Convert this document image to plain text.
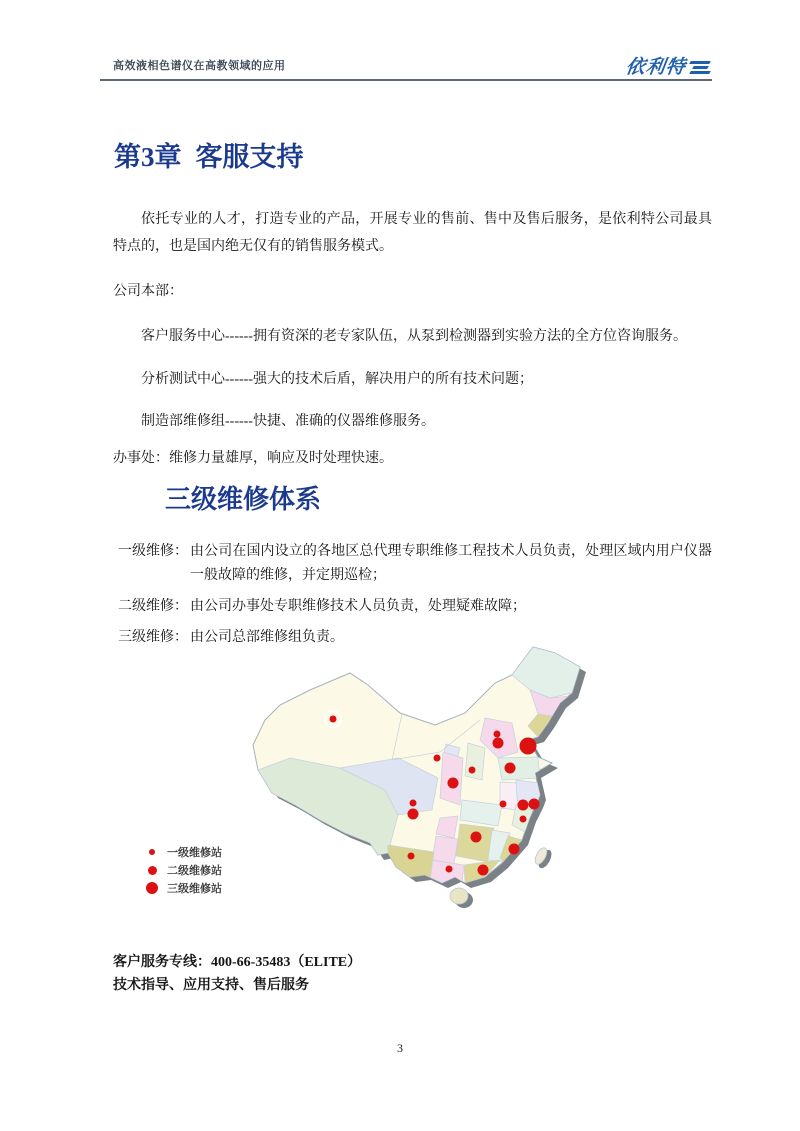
高效液相色谱仪在高教领域的应用	依利特
第3章 客服支持

依托专业的人才，打造专业的产品，开展专业的售前、售中及售后服务，是依利特公司最具特点的，也是国内绝无仅有的销售服务模式。

公司本部：

客户服务中心------拥有资深的老专家队伍，从泵到检测器到实验方法的全方位咨询服务。

分析测试中心------强大的技术后盾，解决用户的所有技术问题；

制造部维修组------快捷、准确的仪器维修服务。

办事处：维修力量雄厚，响应及时处理快速。

三级维修体系
一级维修： 由公司在国内设立的各地区总代理专职维修工程技术人员负责，处理区域内用户仪器一般故障的维修，并定期巡检；
二级维修： 由公司办事处专职维修技术人员负责，处理疑难故障；
三级维修： 由公司总部维修组负责。
一级维修站
二级维修站
三级维修站

客户服务专线：400-66-35483（ELITE）

技术指导、应用支持、售后服务

3
